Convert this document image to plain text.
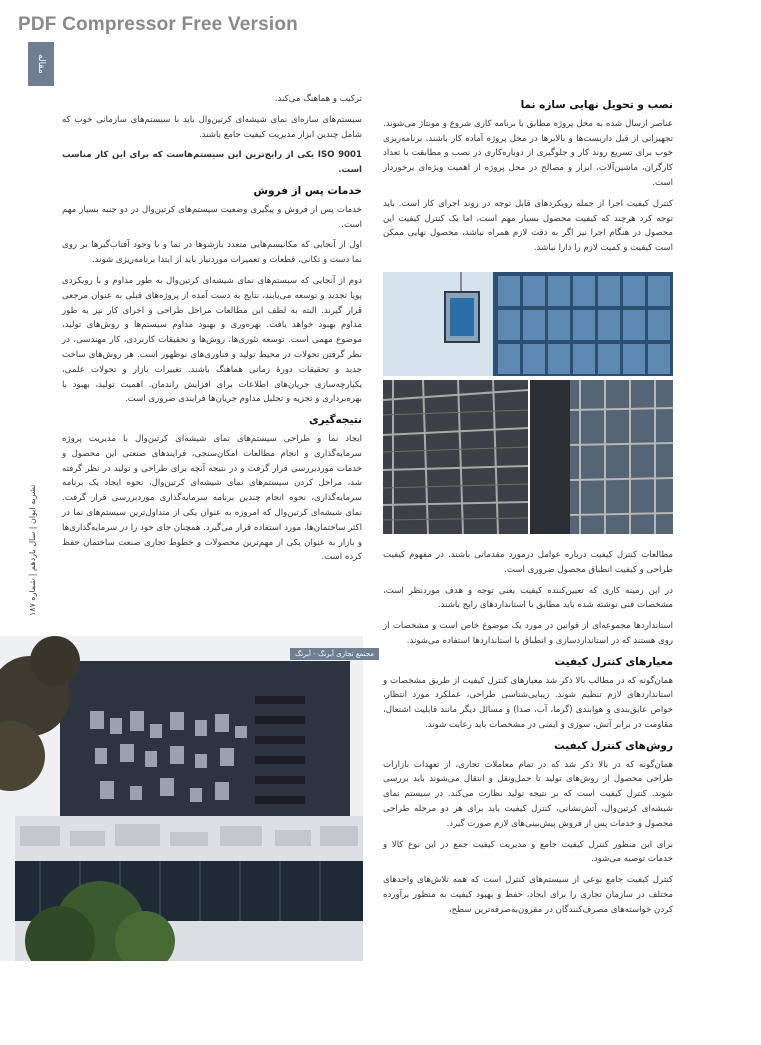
PDF Compressor Free Version
مقاله
نصب و تحویل نهایی سازه نما

عناصر ارسال شده به محل پروژه مطابق با برنامه کاری شروع و مونتاژ می‌شوند. تجهیزاتی از قبل داربست‌ها و بالابرها در محل پروژه آماده کار باشند. برنامه‌ریزی خوب برای تسریع روند کار و جلوگیری از دوباره‌کاری در نصب و مطابقت با تعداد کارگران، ماشین‌آلات، ابزار و مصالح در محل پروژه از اهمیت ویژه‌ای برخوردار است.

کنترل کیفیت اجرا از جمله رویکردهای قابل توجه در روند اجرای کار است. باید توجه کرد هرچند که کیفیت محصول بسیار مهم است، اما یک کنترل کیفیت این محصول در هنگام اجرا نیز اگر به دقت لازم همراه نباشد، محصول نهایی ممکن است کیفیت و کمیت لازم را دارا نباشد.

ترکیب و هماهنگ می‌کند.

سیستم‌های سازه‌ای نمای شیشه‌ای کرتین‌وال باید با سیستم‌های سازمانی خوب که شامل چندین ابزار مدیریت کیفیت جامع باشند.

ISO 9001 یکی از رایج‌ترین این سیستم‌هاست که برای این کار مناسب است.

خدمات پس از فروش

خدمات پس از فروش و پیگیری وضعیت سیستم‌های کرتین‌وال در دو جنبه بسیار مهم است.

اول از آنجایی که مکانیسم‌هایی متعدد بازشوها در نما و با وجود آفتاب‌گیرها بر روی نما دست و تکانی، قطعات و تعمیرات موردنیاز باید از ابتدا برنامه‌ریزی شوند.

دوم از آنجایی که سیستم‌های نمای شیشه‌ای کرتین‌وال به طور مداوم و با رویکردی پویا تجدید و توسعه می‌یابند، نتایج به دست آمده از پروژه‌های قبلی به عنوان مرجعی قرار گیرند. البته به لطف این مطالعات مراحل طراحی و اجرای کار نیز به طور مداوم بهبود خواهد یافت. بهره‌وری و بهبود مداوم سیستم‌ها و روش‌های تولید، موضوع مهمی است. توسعه تئوری‌ها، روش‌ها و تحقیقات کاربردی، کار مهندسی، در نظر گرفتن تحولات در محیط تولید و فناوری‌های نوظهور است. هر روش‌های ساخت جدید و تحقیقات دورهٔ زمانی هماهنگ باشند. تغییرات بازار و تحولات علمی، یکپارچه‌سازی جریان‌های اطلاعات برای افزایش راندمان. اهمیت تولید، بهبود با بهره‌برداری و تجزیه و تحلیل مداوم جریان‌ها فرایندی ضروری است.

نتیجه‌گیری

ایجاد نما و طراحی سیستم‌های نمای شیشه‌ای کرتین‌وال با مدیریت پروژه سرمایه‌گذاری و انجام مطالعات امکان‌سنجی، فرایندهای صنعتی این محصول و خدمات موردبررسی قرار گرفت و در نتیجه آنچه برای طراحی و تولید در نظر گرفته شد، مراحل کردن سیستم‌های نمای شیشه‌ای کرتین‌وال، نحوه ایجاد یک برنامه سرمایه‌گذاری، نحوه انجام چندین برنامه سرمایه‌گذاری موردبررسی قرار گرفت. نمای شیشه‌ای کرتین‌وال که امروزه به عنوان یکی از متداول‌ترین سیستم‌های نما در اکثر ساختمان‌ها، مورد استفاده قرار می‌گیرد. همچنان جای خود را در سرمایه‌گذاری‌ها و بازار به عنوان یکی از مهم‌ترین محصولات و خطوط تجاری صنعت ساختمان حفظ کرده است.

نشریه ایوان | سال یازدهم | شماره ۱۸۷	مطالعات کنترل کیفیت درباره عوامل درمورد مقدماتی باشند. در مفهوم کیفیت طراحی و کیفیت انطباق محصول ضروری است.

در این زمینه کاری که تعیین‌کننده کیفیت یعنی توجه و هدف موردنظر است، مشخصات فنی نوشته شده باید مطابق با استانداردهای رایج باشند.

استانداردها مجموعه‌ای از قوانین در مورد یک موضوع خاص است و مشخصات از روی هستند که در استانداردسازی و انطباق با استانداردها استفاده می‌شوند.

معیارهای کنترل کیفیت

همان‌گونه که در مطالب بالا ذکر شد معیارهای کنترل کیفیت از طریق مشخصات و استانداردهای لازم تنظیم شوند. زیبایی‌شناسی طراحی، عملکرد مورد انتظار، خواص عایق‌بندی و هوابندی (گرما، آب، صدا) و مسائل دیگر مانند قابلیت اشتعال، مقاومت در برابر آتش، سوزی و ایمنی در مشخصات باید رعایت شوند.

روش‌های کنترل کیفیت

همان‌گونه که در بالا ذکر شد که در تمام معاملات تجاری، از تعهدات بازارات طراحی محصول از روش‌های تولید تا حمل‌ونقل و انتقال می‌شوند باید بررسی شوند. کنترل کیفیت است که بر نتیجه تولید نظارت می‌کند. در سیستم نمای شیشه‌ای کرتین‌وال، آتش‌نشانی، کنترل کیفیت باید برای هر دو مرحله طراحی محصول و خدمات پس از فروش پیش‌بینی‌های لازم صورت گیرد.

برای این منظور کنترل کیفیت جامع و مدیریت کیفیت جمع در این نوع کالا و خدمات توصیه می‌شود.

کنترل کیفیت جامع نوعی از سیستم‌های کنترل است که همه تلاش‌های واحدهای مختلف در سازمان تجاری را برای ایجاد، حفظ و بهبود کیفیت به منظور برآورده کردن خواسته‌های مصرف‌کنندگان در مقرون‌به‌صرفه‌ترین سطح،

مجتمع تجاری آبرنگ - آبرنگ
